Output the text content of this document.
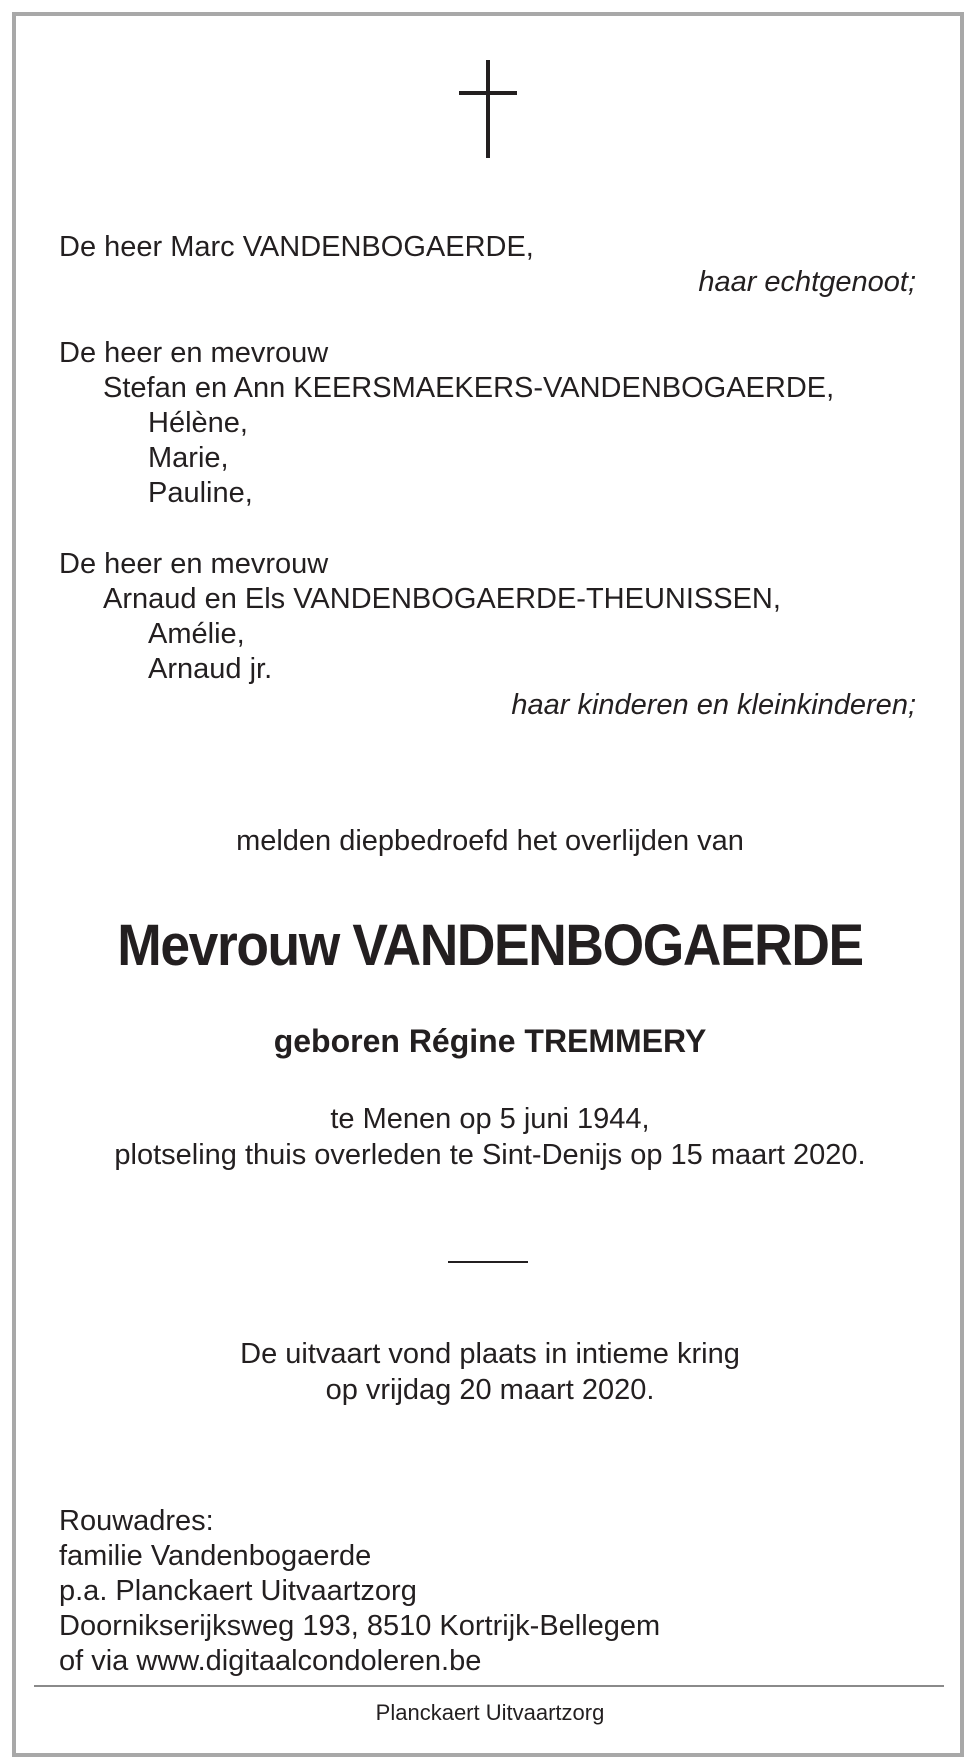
De heer Marc VANDENBOGAERDE,

haar echtgenoot;

De heer en mevrouw

Stefan en Ann KEERSMAEKERS-VANDENBOGAERDE,

Hélène,

Marie,

Pauline,

De heer en mevrouw

Arnaud en Els VANDENBOGAERDE-THEUNISSEN,

Amélie,

Arnaud jr.

haar kinderen en kleinkinderen;

melden diepbedroefd het overlijden van

Mevrouw VANDENBOGAERDE

geboren Régine TREMMERY

te Menen op 5 juni 1944,

plotseling thuis overleden te Sint-Denijs op 15 maart 2020.

De uitvaart vond plaats in intieme kring

op vrijdag 20 maart 2020.

Rouwadres:

familie Vandenbogaerde

p.a. Planckaert Uitvaartzorg

Doornikserijksweg 193, 8510 Kortrijk-Bellegem

of via www.digitaalcondoleren.be

Planckaert Uitvaartzorg
